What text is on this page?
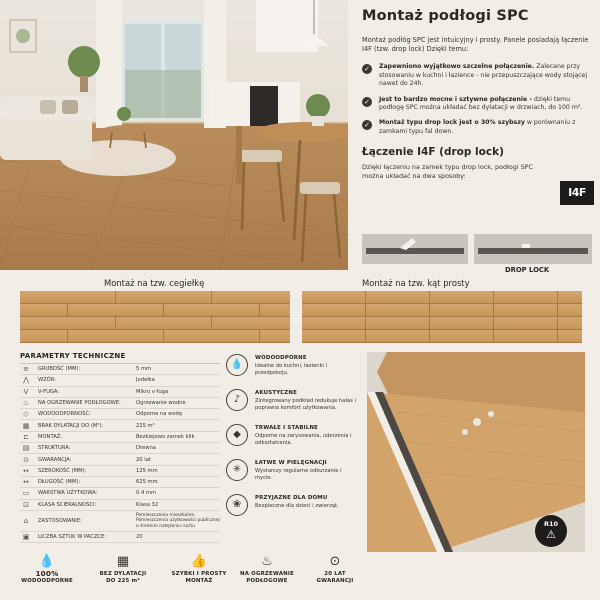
Montaż podłogi SPC
Montaż podłóg SPC jest intuicyjny i prosty. Panele posiadają łączenie I4F (tzw. drop lock) Dzięki temu:
✓	Zapewniono wyjątkowo szczelne połączenie. Zalecane przy stosowaniu w kuchni i łazience - nie przepuszczające wody stojącej nawet do 24h.
✓	Jest to bardzo mocne i sztywne połączenie - dzięki temu podłogę SPC można układać bez dylatacji w drzwiach, do 100 m².
✓	Montaż typu drop lock jest o 30% szybszy w porównaniu z zamkami typu fal down.
Łączenie I4F (drop lock)
Dzięki łączeniu na zamek typu drop lock, podłogi SPC można układać na dwa sposoby:
DROP LOCK
I4F
Montaż na tzw. cegiełkę	Montaż na tzw. kąt prosty
PARAMETRY TECHNICZNE
≡	GRUBOŚĆ (MM):	5 mm
⋀	WZÓR:	Jodełka
V	V-FUGA:	Mikro v-fuga
♨	NA OGRZEWANIE PODŁOGOWE:	Ogrzewanie wodne
◇	WODOODPORNOŚĆ:	Odporne na wodę
▦	BRAK DYLATACJI DO (M²):	225 m²
⊏	MONTAŻ:	Bezklejowo zamek klik
▤	STRUKTURA:	Drewna
⊙	GWARANCJA:	20 lat
↔	SZEROKOŚĆ (MM):	125 mm
↔	DŁUGOŚĆ (MM):	625 mm
▭	WARSTWA UŻYTKOWA:	0.4 mm
⊡	KLASA ŚCIERALNOŚCI:	Klasa 32
⌂	ZASTOSOWANIE:
Pomieszczenia mieszkalne. Pomieszczenia użytkowości publicznej o średnim natężeniu ruchu
▣	LICZBA SZTUK W PACZCE:	20
💧
WODOODPORNE
Idealne do kuchni, łazienki i przedpokoju.
♪
AKUSTYCZNE
Zintegrowany podkład redukuje hałas i poprawia komfort użytkowania.
◆
TRWAŁE I STABILNE
Odporne na zarysowania, uderzenia i odkształcenia.
✳
ŁATWE W PIELĘGNACJI
Wystarczy regularne odkurzanie i mycie.
❀
PRZYJAZNE DLA DOMU
Bezpieczne dla dzieci i zwierząt.
R10
⚠
💧
100%
WODOODPORNE
▦
BEZ DYLATACJI
DO 225 m²
👍
SZYBKI I PROSTY
MONTAŻ
♨
NA OGRZEWANIE
PODŁOGOWE
⊙
20 LAT
GWARANCJI
